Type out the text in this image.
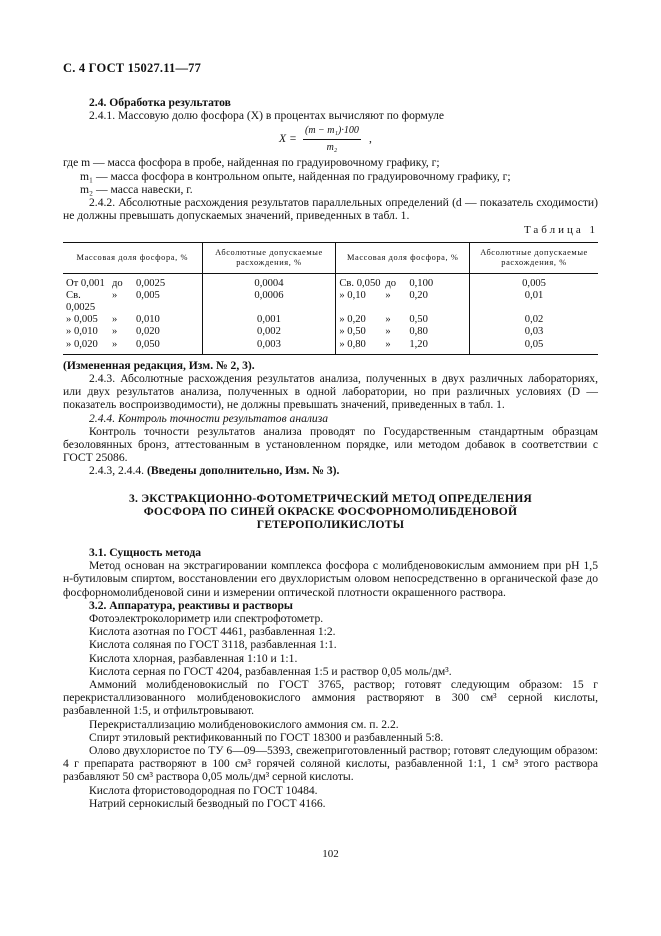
С. 4 ГОСТ 15027.11—77

2.4. Обработка результатов

2.4.1. Массовую долю фосфора (X) в процентах вычисляют по формуле

$X = \frac{\text{(m − m₁)·100}}{\text{m₂}}$ ,
где m — масса фосфора в пробе, найденная по градуировочному графику, г;
m₁ — масса фосфора в контрольном опыте, найденная по градуировочному графику, г;
m₂ — масса навески, г.

2.4.2. Абсолютные расхождения результатов параллельных определений (d — показатель сходимости) не должны превышать допускаемых значений, приведенных в табл. 1.

Таблица 1
Массовая доля фосфора, %	Абсолютные допускаемые расхождения, %	Массовая доля фосфора, %	Абсолютные допускаемые расхождения, %

От 0,001 до 0,0025	0,0004	Св. 0,050 до 0,100	0,005

Св. 0,0025
» 0,005	0,0006	» 0,10 » 0,20	0,01

» 0,005 » 0,010	0,001	» 0,20 » 0,50	0,02

» 0,010 » 0,020	0,002	» 0,50 » 0,80	0,03

» 0,020 » 0,050	0,003	» 0,80 » 1,20	0,05

(Измененная редакция, Изм. № 2, 3).

2.4.3. Абсолютные расхождения результатов анализа, полученных в двух различных лабораториях, или двух результатов анализа, полученных в одной лаборатории, но при различных условиях (D — показатель воспроизводимости), не должны превышать значений, приведенных в табл. 1.

2.4.4. Контроль точности результатов анализа

Контроль точности результатов анализа проводят по Государственным стандартным образцам безоловянных бронз, аттестованным в установленном порядке, или методом добавок в соответствии с ГОСТ 25086.

2.4.3, 2.4.4. (Введены дополнительно, Изм. № 3).

3. ЭКСТРАКЦИОННО-ФОТОМЕТРИЧЕСКИЙ МЕТОД ОПРЕДЕЛЕНИЯ
ФОСФОРА ПО СИНЕЙ ОКРАСКЕ ФОСФОРНОМОЛИБДЕНОВОЙ
ГЕТЕРОПОЛИКИСЛОТЫ

3.1. Сущность метода

Метод основан на экстрагировании комплекса фосфора с молибденовокислым аммонием при pH 1,5 н-бутиловым спиртом, восстановлении его двухлористым оловом непосредственно в органической фазе до фосфорномолибденовой сини и измерении оптической плотности окрашенного раствора.

3.2. Аппаратура, реактивы и растворы

Фотоэлектроколориметр или спектрофотометр.

Кислота азотная по ГОСТ 4461, разбавленная 1:2.

Кислота соляная по ГОСТ 3118, разбавленная 1:1.

Кислота хлорная, разбавленная 1:10 и 1:1.

Кислота серная по ГОСТ 4204, разбавленная 1:5 и раствор 0,05 моль/дм³.

Аммоний молибденовокислый по ГОСТ 3765, раствор; готовят следующим образом: 15 г перекристаллизованного молибденовокислого аммония растворяют в 300 см³ серной кислоты, разбавленной 1:5, и отфильтровывают.

Перекристаллизацию молибденовокислого аммония см. п. 2.2.

Спирт этиловый ректификованный по ГОСТ 18300 и разбавленный 5:8.

Олово двухлористое по ТУ 6—09—5393, свежеприготовленный раствор; готовят следующим образом: 4 г препарата растворяют в 100 см³ горячей соляной кислоты, разбавленной 1:1, 1 см³ этого раствора разбавляют 50 см³ раствора 0,05 моль/дм³ серной кислоты.

Кислота фтористоводородная по ГОСТ 10484.

Натрий сернокислый безводный по ГОСТ 4166.

102
